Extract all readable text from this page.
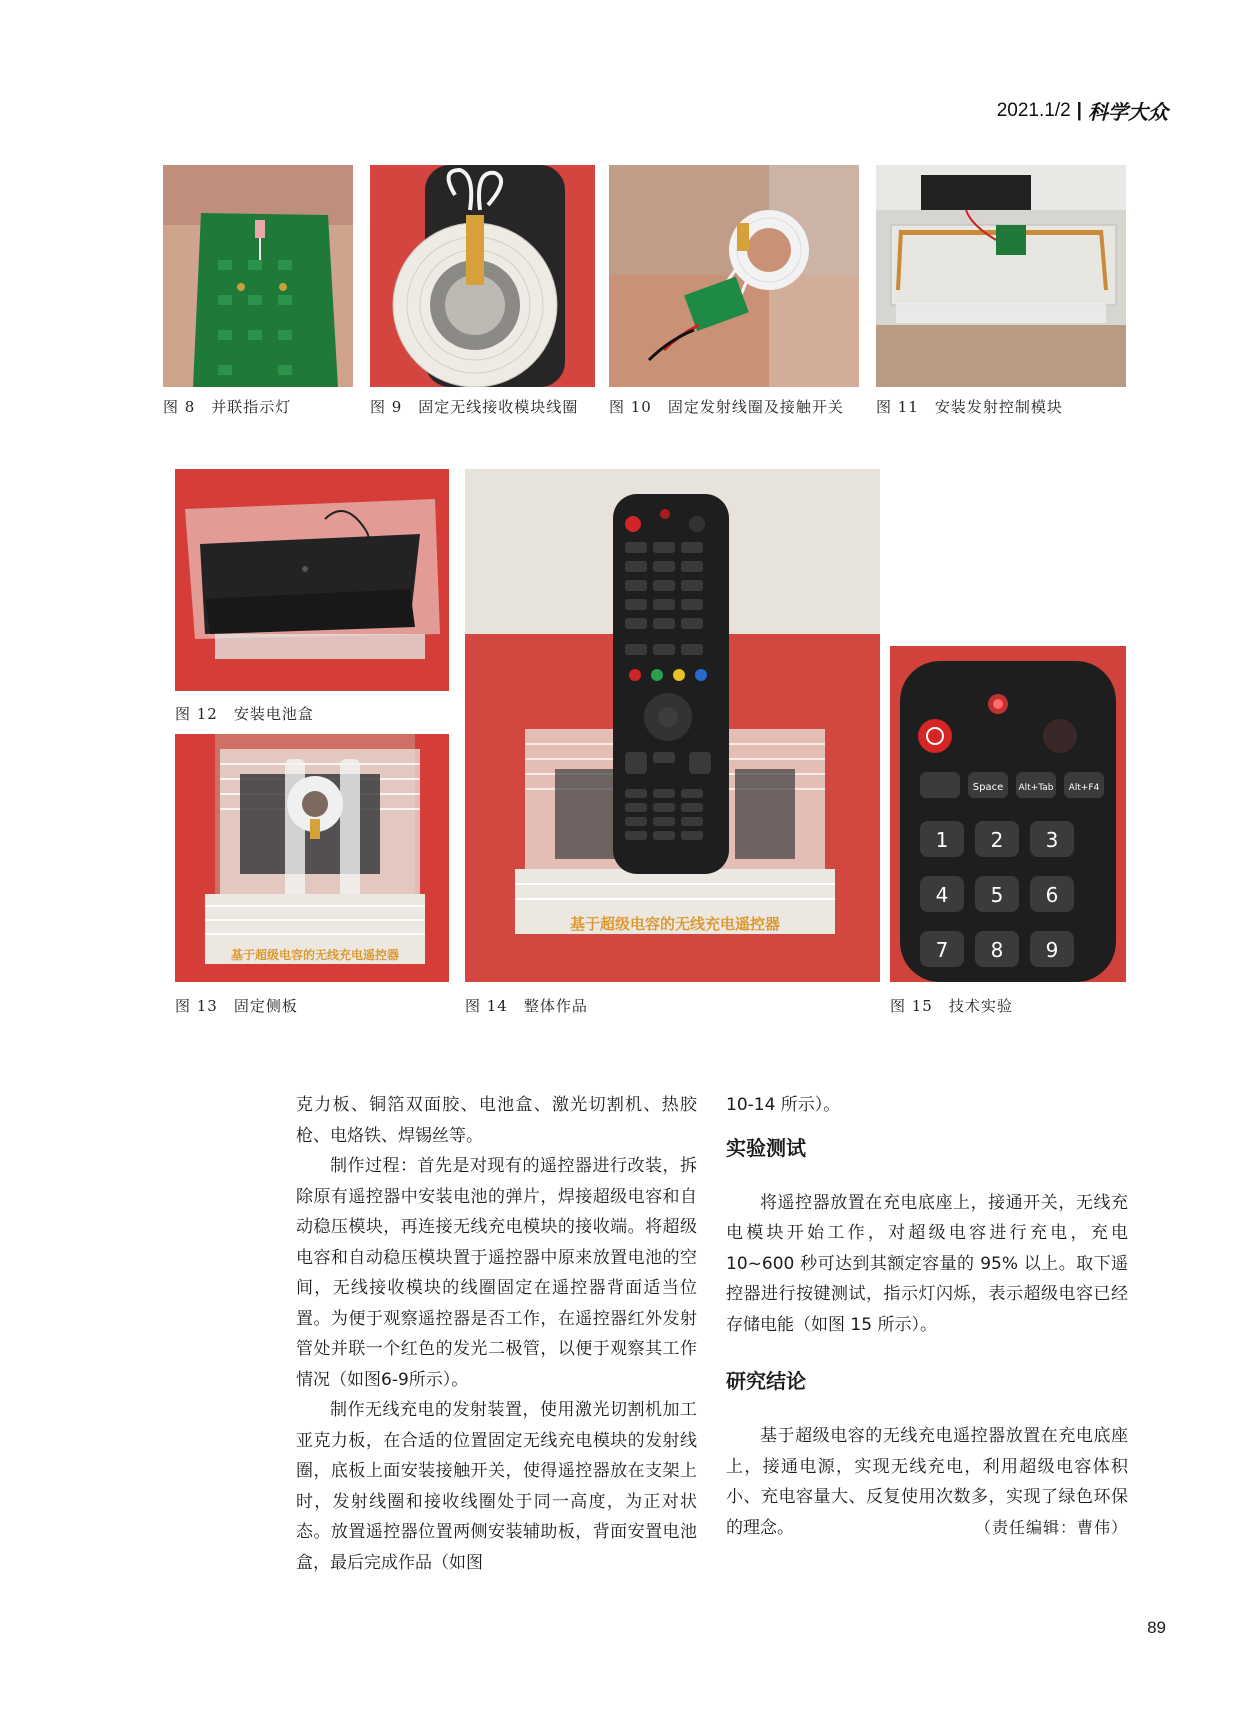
2021.1/2 | 科学大众
图 8　并联指示灯	图 9　固定无线接收模块线圈 图 10　固定发射线圈及接触开关 图 11　安装发射控制模块
图 12　安装电池盒
基于超级电容的无线充电遥控器
图 13　固定侧板
基于超级电容的无线充电遥控器
图 14　整体作品
Space Alt+Tab Alt+F4
1 2 3
4 5 6
7 8 9
图 15　技术实验

克力板、铜箔双面胶、电池盒、激光切割机、热胶枪、电烙铁、焊锡丝等。

制作过程：首先是对现有的遥控器进行改装，拆除原有遥控器中安装电池的弹片，焊接超级电容和自动稳压模块，再连接无线充电模块的接收端。将超级电容和自动稳压模块置于遥控器中原来放置电池的空间，无线接收模块的线圈固定在遥控器背面适当位置。为便于观察遥控器是否工作，在遥控器红外发射管处并联一个红色的发光二极管，以便于观察其工作情况（如图6-9所示）。

制作无线充电的发射装置，使用激光切割机加工亚克力板，在合适的位置固定无线充电模块的发射线圈，底板上面安装接触开关，使得遥控器放在支架上时，发射线圈和接收线圈处于同一高度，为正对状态。放置遥控器位置两侧安装辅助板，背面安置电池盒，最后完成作品（如图

10-14 所示）。

实验测试

将遥控器放置在充电底座上，接通开关，无线充电模块开始工作，对超级电容进行充电，充电 10~600 秒可达到其额定容量的 95% 以上。取下遥控器进行按键测试，指示灯闪烁，表示超级电容已经存储电能（如图 15 所示）。

研究结论

基于超级电容的无线充电遥控器放置在充电底座上，接通电源，实现无线充电，利用超级电容体积小、充电容量大、反复使用次数多，实现了绿色环保的理念。	（责任编辑：曹伟）

89
